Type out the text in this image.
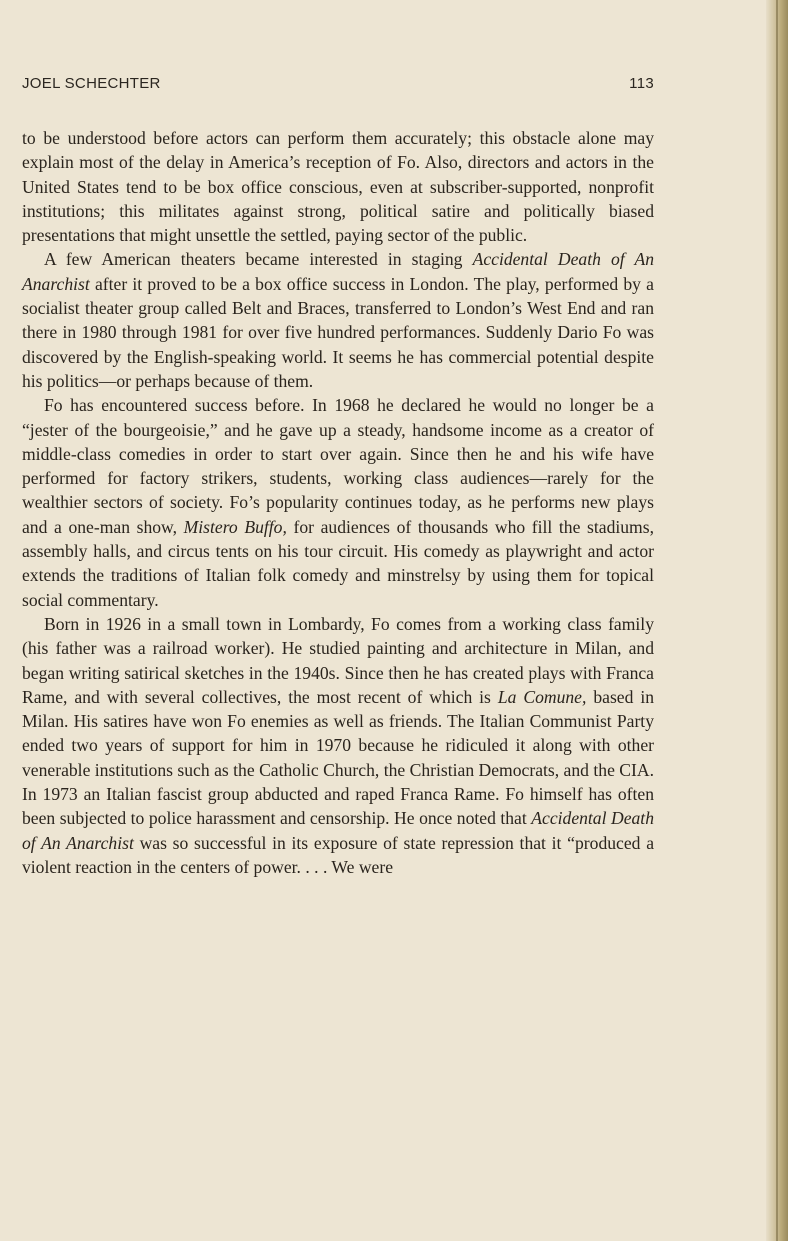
JOEL SCHECHTER	113

to be understood before actors can perform them accurately; this obstacle alone may explain most of the delay in America’s reception of Fo. Also, directors and actors in the United States tend to be box office conscious, even at subscriber-supported, nonprofit institutions; this militates against strong, political satire and politically biased presentations that might unsettle the settled, paying sector of the public.

A few American theaters became interested in staging Accidental Death of An Anarchist after it proved to be a box office success in London. The play, performed by a socialist theater group called Belt and Braces, transferred to London’s West End and ran there in 1980 through 1981 for over five hundred performances. Suddenly Dario Fo was discovered by the English-speaking world. It seems he has commercial potential despite his politics—or perhaps because of them.

Fo has encountered success before. In 1968 he declared he would no longer be a “jester of the bourgeoisie,” and he gave up a steady, handsome income as a creator of middle-class comedies in order to start over again. Since then he and his wife have performed for factory strikers, students, working class audiences—rarely for the wealthier sectors of society. Fo’s popularity continues today, as he performs new plays and a one-man show, Mistero Buffo, for audiences of thousands who fill the stadiums, assembly halls, and circus tents on his tour circuit. His comedy as playwright and actor extends the traditions of Italian folk comedy and minstrelsy by using them for topical social commentary.

Born in 1926 in a small town in Lombardy, Fo comes from a working class family (his father was a railroad worker). He studied painting and architecture in Milan, and began writing satirical sketches in the 1940s. Since then he has created plays with Franca Rame, and with several collectives, the most recent of which is La Comune, based in Milan. His satires have won Fo enemies as well as friends. The Italian Communist Party ended two years of support for him in 1970 because he ridiculed it along with other venerable institutions such as the Catholic Church, the Christian Democrats, and the CIA. In 1973 an Italian fascist group abducted and raped Franca Rame. Fo himself has often been subjected to police harassment and censorship. He once noted that Accidental Death of An Anarchist was so successful in its exposure of state repression that it “produced a violent reaction in the centers of power. . . . We were
